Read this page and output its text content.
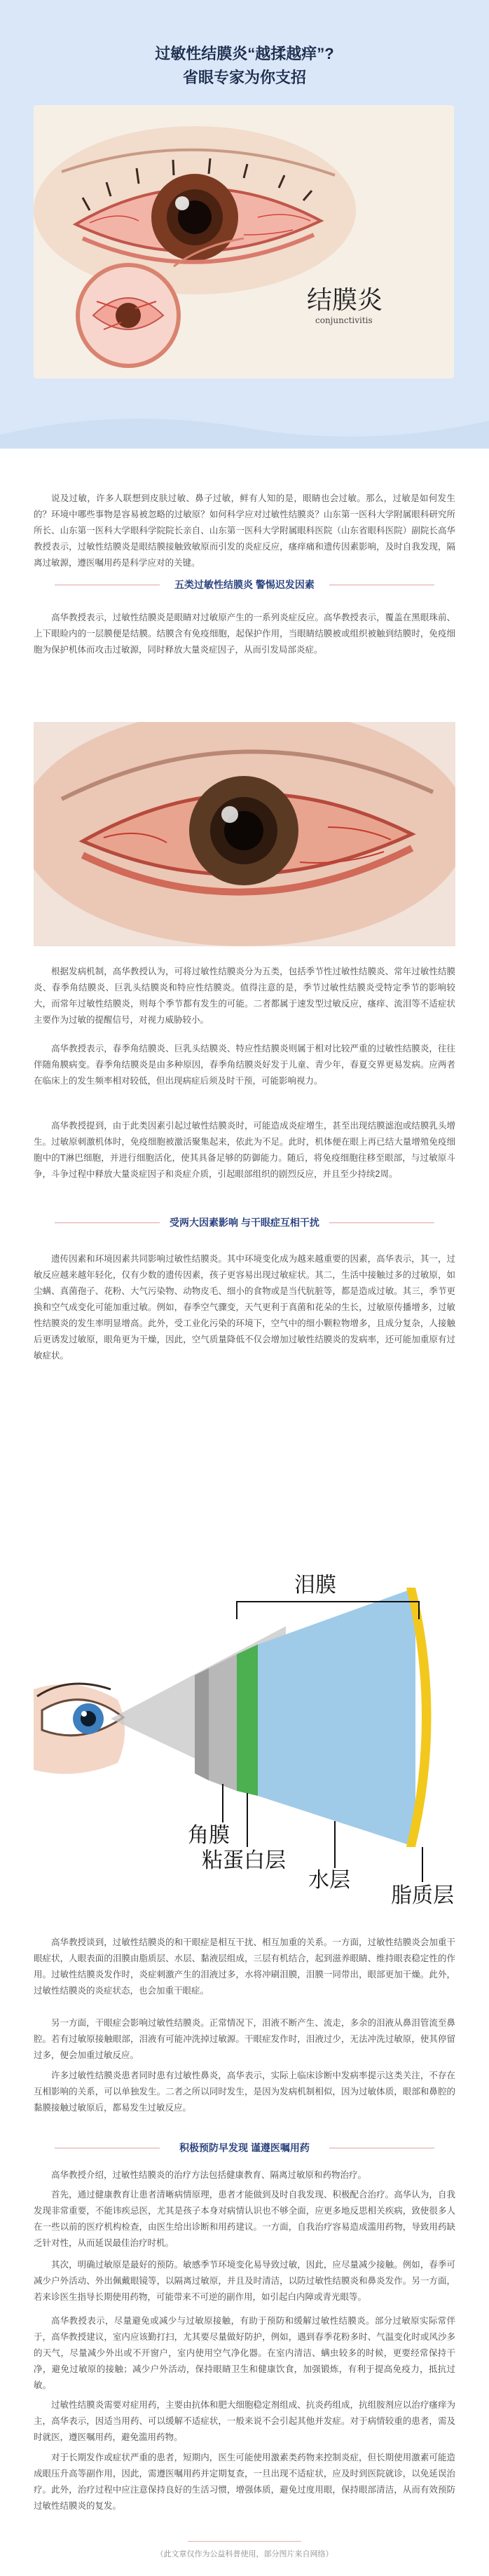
过敏性结膜炎“越揉越痒”?
省眼专家为你支招
结膜炎
conjunctivitis
说及过敏，许多人联想到皮肤过敏、鼻子过敏，鲜有人知的是，眼睛也会过敏。那么，过敏是如何发生的？环境中哪些事物是容易被忽略的过敏原？如何科学应对过敏性结膜炎？山东第一医科大学附属眼科研究所所长、山东第一医科大学眼科学院院长亲自、山东第一医科大学附属眼科医院（山东省眼科医院）副院长高华教授表示，过敏性结膜炎是眼结膜接触致敏原而引发的炎症反应，瘙痒痛和遗传因素影响，及时自我发现，隔离过敏源，遵医嘱用药是科学应对的关键。
五类过敏性结膜炎 警惕迟发因素
高华教授表示，过敏性结膜炎是眼睛对过敏原产生的一系列炎症反应。高华教授表示，覆盖在黑眼珠前、上下眼睑内的一层膜便是结膜。结膜含有免疫细胞，起保护作用，当眼睛结膜被或组织被触到结膜时，免疫细胞为保护机体而攻击过敏源，同时释放大量炎症因子，从而引发局部炎症。
根据发病机制，高华教授认为，可将过敏性结膜炎分为五类，包括季节性过敏性结膜炎、常年过敏性结膜炎、春季角结膜炎、巨乳头结膜炎和特应性结膜炎。值得注意的是，季节过敏性结膜炎受特定季节的影响较大，而常年过敏性结膜炎，则每个季节都有发生的可能。二者都属于速发型过敏反应，瘙痒、流泪等不适症状主要作为过敏的提醒信号，对视力威胁较小。
高华教授表示，春季角结膜炎、巨乳头结膜炎、特应性结膜炎则属于相对比较严重的过敏性结膜炎，往往伴随角膜病变。春季角结膜炎是由多种原因，春季角结膜炎好发于儿童、青少年，春夏交界更易发病。应两者在临床上的发生频率相对较低，但出现病症后须及时干预，可能影响视力。
高华教授提到，由于此类因素引起过敏性结膜炎时，可能造成炎症增生，甚至出现结膜滤泡或结膜乳头增生。过敏原刺激机体时，免疫细胞被激活聚集起来，依此为不足。此时，机体便在眼上再已结大量增殖免疫细胞中的T淋巴细胞，并进行细胞活化，使其具备足够的防御能力。随后，将免疫细胞往移至眼部，与过敏原斗争，斗争过程中释放大量炎症因子和炎症介质，引起眼部组织的剧烈反应，并且至少持续2周。
受两大因素影响 与干眼症互相干扰
遗传因素和环境因素共同影响过敏性结膜炎。其中环境变化成为越来越重要的因素，高华表示，其一，过敏反应越来越年轻化，仅有少数的遗传因素，孩子更容易出现过敏症状。其二，生活中接触过多的过敏原，如尘螨、真菌孢子、花粉、大气污染物、动物皮毛、细小的食物或是当代肮脏等，都是造成过敏。其三，季节更换和空气成变化可能加重过敏。例如，春季空气骤变，天气更利于真菌和花朵的生长，过敏原传播增多，过敏性结膜炎的发生率明显增高。此外，受工业化污染的环境下，空气中的细小颗粒物增多，且成分复杂，人接触后更诱发过敏原，眼角更为干燥，因此，空气质量降低不仅会增加过敏性结膜炎的发病率，还可能加重原有过敏症状。
泪膜
角膜
粘蛋白层
水层
脂质层
高华教授谈到，过敏性结膜炎的和干眼症是相互干扰、相互加重的关系。一方面，过敏性结膜炎会加重干眼症状，人眼表面的泪膜由脂质层、水层、黏液层组成，三层有机结合，起到滋养眼睛、维持眼表稳定性的作用。过敏性结膜炎发作时，炎症刺激产生的泪液过多，水将冲刷泪膜，泪膜一同带出，眼部更加干燥。此外，过敏性结膜炎的炎症状态，也会加重干眼症。
另一方面，干眼症会影响过敏性结膜炎。正常情况下，泪液不断产生、流走，多余的泪液从鼻泪管流至鼻腔。若有过敏原接触眼部，泪液有可能冲洗掉过敏源。干眼症发作时，泪液过少，无法冲洗过敏原，使其停留过多，便会加重过敏反应。
许多过敏性结膜炎患者同时患有过敏性鼻炎，高华表示，实际上临床诊断中发病率提示这类关注，不存在互相影响的关系，可以单独发生。二者之所以同时发生，是因为发病机制相似，因为过敏体质，眼部和鼻腔的黏膜接触过敏原后，都易发生过敏反应。
积极预防早发现 谨遵医嘱用药
高华教授介绍，过敏性结膜炎的治疗方法包括健康教育、隔离过敏原和药物治疗。
首先，通过健康教育让患者清晰病情原理，患者才能做到及时自我发现、积极配合治疗。高华认为，自我发现非常重要，不能讳疾忌医，尤其是孩子本身对病情认识也不够全面，应更多地反思相关疾病，致使很多人在一些以前的医疗机构检查，由医生给出诊断和用药建议。一方面，自我治疗容易造成滥用药物，导致用药缺乏针对性，从而延误最佳治疗时机。
其次，明确过敏原是最好的预防。敏感季节环境变化易导致过敏，因此，应尽量减少接触。例如，春季可减少户外活动、外出佩戴眼镜等，以隔离过敏原，并且及时清洁，以防过敏性结膜炎和鼻炎发作。另一方面，若来诊医生指导长期使用药物，可能带来不可逆的副作用，如引起白内障或青光眼等。
高华教授表示，尽量避免或减少与过敏原接触，有助于预防和缓解过敏性结膜炎。部分过敏原实际常伴于，高华教授建议，室内应该勤打扫，尤其要尽量做好防护，例如，遇到春季花粉多时、气温变化时或风沙多的天气，尽量减少外出或不开窗户，室内使用空气净化器。在室内清洁、螨虫较多的时候，更要经常保持干净，避免过敏原的接触；减少户外活动，保持眼睛卫生和健康饮食，加强锻炼，有利于提高免疫力，抵抗过敏。
过敏性结膜炎需要对症用药，主要由抗体和肥大细胞稳定剂组成、抗炎药组成，抗组胺剂应以治疗瘙痒为主，高华表示，因适当用药、可以缓解不适症状，一般来说不会引起其他并发症。对于病情较重的患者，需及时就医，遵医嘱用药，避免滥用药物。
对于长期发作或症状严重的患者，短期内，医生可能使用激素类药物来控制炎症，但长期使用激素可能造成眼压升高等副作用，因此，需遵医嘱用药并定期复查，一旦出现不适症状，应及时到医院就诊，以免延误治疗。此外，治疗过程中应注意保持良好的生活习惯，增强体质，避免过度用眼，保持眼部清洁，从而有效预防过敏性结膜炎的复发。
（此文章仅作为公益科普使用，部分图片来自网络）
